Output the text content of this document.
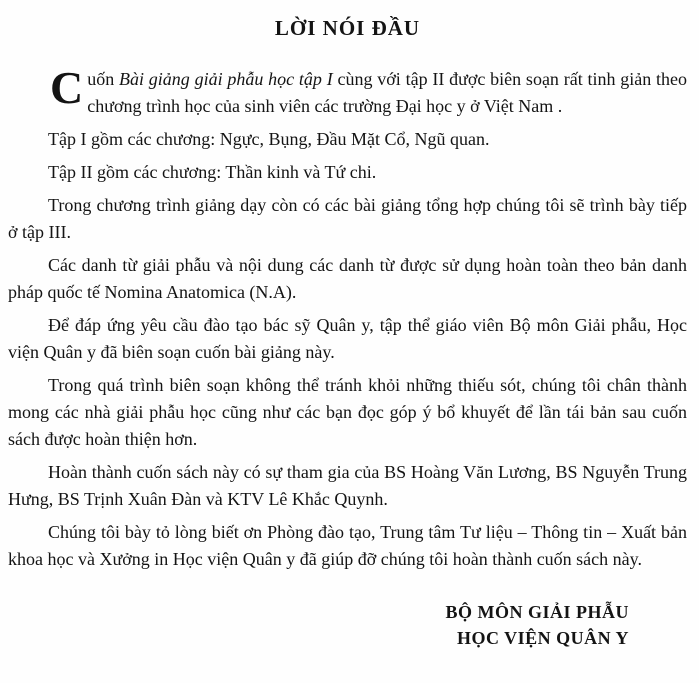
LỜI NÓI ĐẦU

Cuốn Bài giảng giải phẫu học tập I cùng với tập II được biên soạn rất tinh giản theo chương trình học của sinh viên các trường Đại học y ở Việt Nam .

Tập I gồm các chương: Ngực, Bụng, Đầu Mặt Cổ, Ngũ quan.

Tập II gồm các chương: Thần kinh và Tứ chi.

Trong chương trình giảng dạy còn có các bài giảng tổng hợp chúng tôi sẽ trình bày tiếp ở tập III.

Các danh từ giải phẫu và nội dung các danh từ được sử dụng hoàn toàn theo bản danh pháp quốc tế Nomina Anatomica (N.A).

Để đáp ứng yêu cầu đào tạo bác sỹ Quân y, tập thể giáo viên Bộ môn Giải phẫu, Học viện Quân y đã biên soạn cuốn bài giảng này.

Trong quá trình biên soạn không thể tránh khỏi những thiếu sót, chúng tôi chân thành mong các nhà giải phẫu học cũng như các bạn đọc góp ý bổ khuyết để lần tái bản sau cuốn sách được hoàn thiện hơn.

Hoàn thành cuốn sách này có sự tham gia của BS Hoàng Văn Lương, BS Nguyễn Trung Hưng, BS Trịnh Xuân Đàn và KTV Lê Khắc Quynh.

Chúng tôi bày tỏ lòng biết ơn Phòng đào tạo, Trung tâm Tư liệu – Thông tin – Xuất bản khoa học và Xưởng in Học viện Quân y đã giúp đỡ chúng tôi hoàn thành cuốn sách này.

BỘ MÔN GIẢI PHẪU
HỌC VIỆN QUÂN Y
